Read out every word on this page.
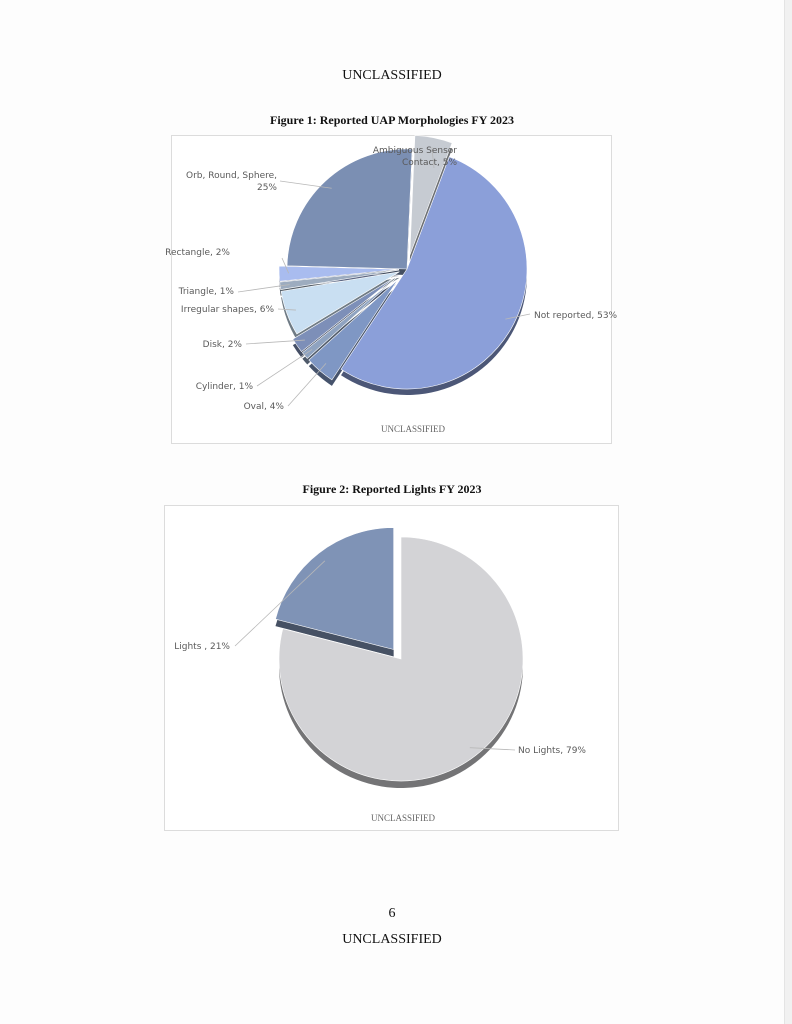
UNCLASSIFIED
Figure 1: Reported UAP Morphologies FY 2023
Not reported, 53%
Oval, 4%
Cylinder, 1%
Disk, 2%
Irregular shapes, 6%
Triangle, 1%
Rectangle, 2%
Orb, Round, Sphere, 25%
Ambiguous Sensor Contact, 5%
UNCLASSIFIED
Figure 2: Reported Lights FY 2023
No Lights, 79%
Lights , 21%
UNCLASSIFIED
6
UNCLASSIFIED
